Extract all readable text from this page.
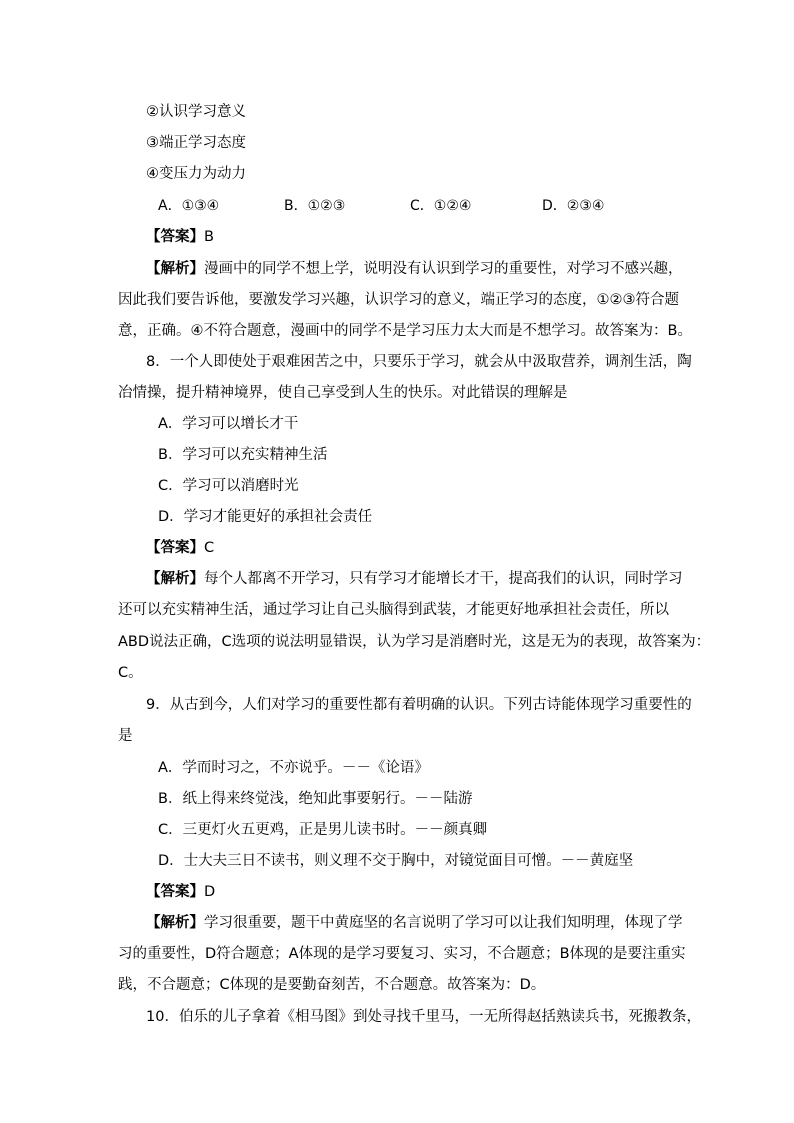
②认识学习意义
③端正学习态度
④变压力为动力
A．①③④	B．①②③	C．①②④	D．②③④
【答案】B
【解析】漫画中的同学不想上学，说明没有认识到学习的重要性，对学习不感兴趣，
因此我们要告诉他，要激发学习兴趣，认识学习的意义，端正学习的态度，①②③符合题
意，正确。④不符合题意，漫画中的同学不是学习压力太大而是不想学习。故答案为：B。
8．一个人即使处于艰难困苦之中，只要乐于学习，就会从中汲取营养，调剂生活，陶
冶情操，提升精神境界，使自己享受到人生的快乐。对此错误的理解是
A．学习可以增长才干
B．学习可以充实精神生活
C．学习可以消磨时光
D．学习才能更好的承担社会责任
【答案】C
【解析】每个人都离不开学习，只有学习才能增长才干，提高我们的认识，同时学习
还可以充实精神生活，通过学习让自己头脑得到武装，才能更好地承担社会责任，所以
ABD说法正确，C选项的说法明显错误，认为学习是消磨时光，这是无为的表现，故答案为：
C。
9．从古到今，人们对学习的重要性都有着明确的认识。下列古诗能体现学习重要性的
是
A．学而时习之，不亦说乎。－－《论语》
B．纸上得来终觉浅，绝知此事要躬行。－－陆游
C．三更灯火五更鸡，正是男儿读书时。－－颜真卿
D．士大夫三日不读书，则义理不交于胸中，对镜觉面目可憎。－－黄庭坚
【答案】D
【解析】学习很重要，题干中黄庭坚的名言说明了学习可以让我们知明理，体现了学
习的重要性，D符合题意；A体现的是学习要复习、实习，不合题意；B体现的是要注重实
践，不合题意；C体现的是要勤奋刻苦，不合题意。故答案为：D。
10．伯乐的儿子拿着《相马图》到处寻找千里马，一无所得赵括熟读兵书，死搬教条，
